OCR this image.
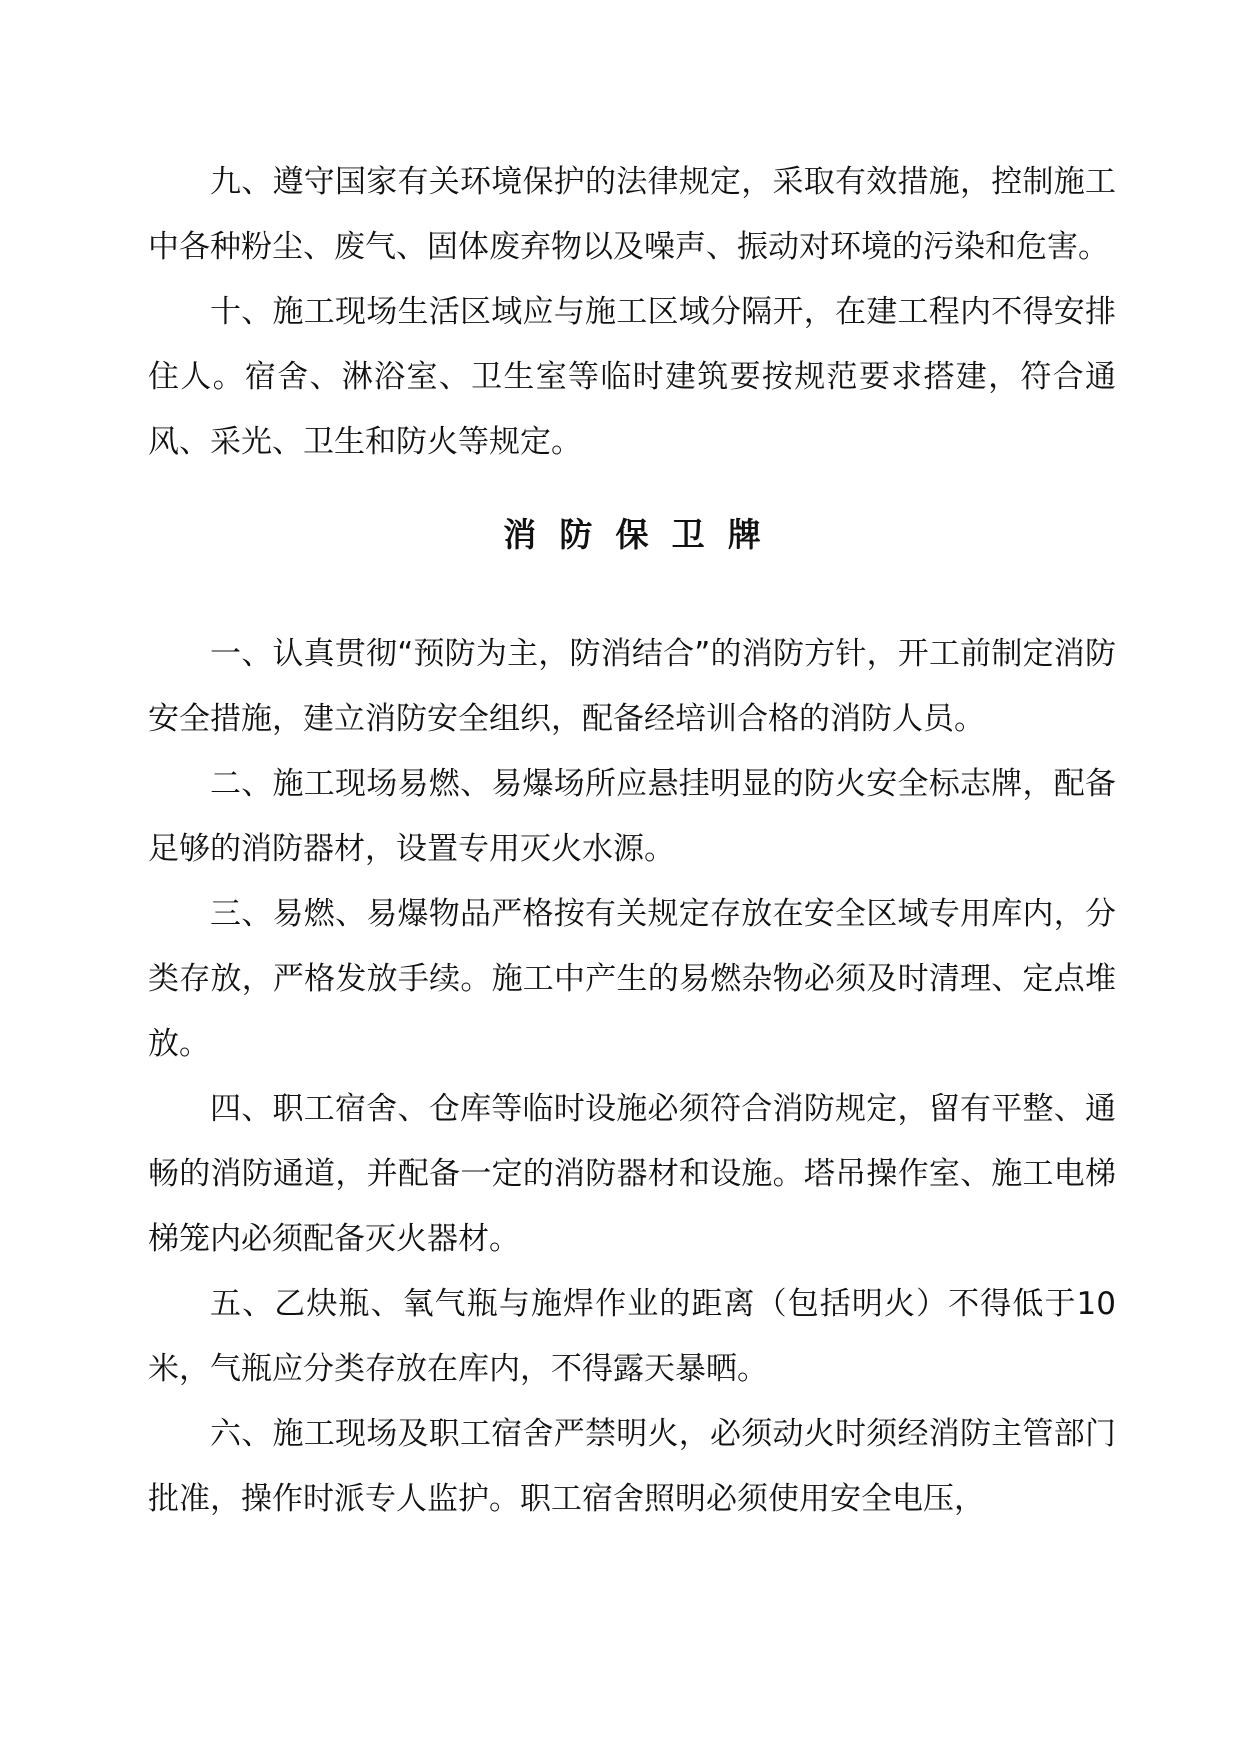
九、遵守国家有关环境保护的法律规定，采取有效措施，控制施工中各种粉尘、废气、固体废弃物以及噪声、振动对环境的污染和危害。

十、施工现场生活区域应与施工区域分隔开，在建工程内不得安排住人。宿舍、淋浴室、卫生室等临时建筑要按规范要求搭建，符合通风、采光、卫生和防火等规定。

消防保卫牌

一、认真贯彻“预防为主，防消结合”的消防方针，开工前制定消防安全措施，建立消防安全组织，配备经培训合格的消防人员。

二、施工现场易燃、易爆场所应悬挂明显的防火安全标志牌，配备足够的消防器材，设置专用灭火水源。

三、易燃、易爆物品严格按有关规定存放在安全区域专用库内，分类存放，严格发放手续。施工中产生的易燃杂物必须及时清理、定点堆放。

四、职工宿舍、仓库等临时设施必须符合消防规定，留有平整、通畅的消防通道，并配备一定的消防器材和设施。塔吊操作室、施工电梯梯笼内必须配备灭火器材。

五、乙炔瓶、氧气瓶与施焊作业的距离（包括明火）不得低于10米，气瓶应分类存放在库内，不得露天暴晒。

六、施工现场及职工宿舍严禁明火，必须动火时须经消防主管部门批准，操作时派专人监护。职工宿舍照明必须使用安全电压，
